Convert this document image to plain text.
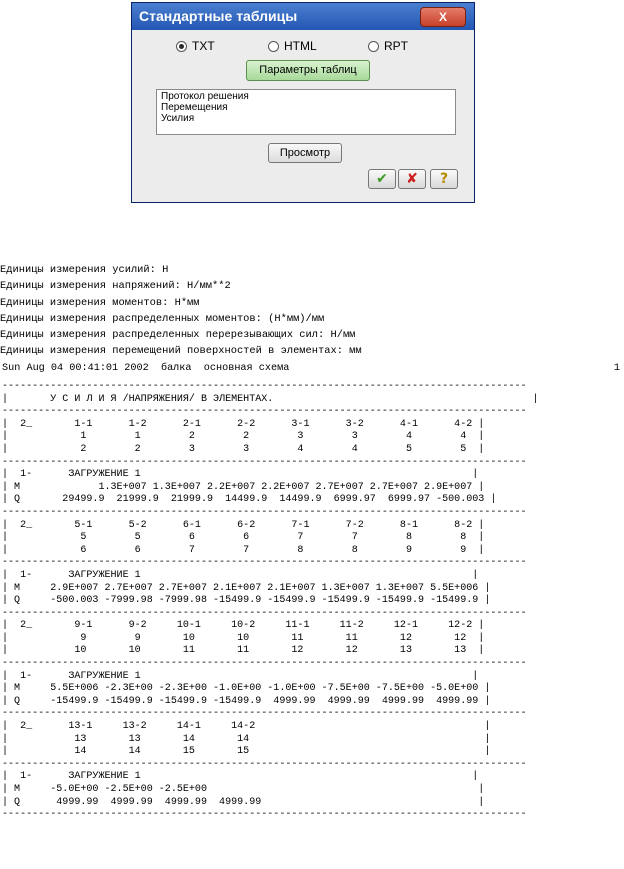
Стандартные таблицы	X
TXT	HTML	RPT
Параметры таблиц
Протокол решения
Перемещения
Усилия
Просмотр
✔	✘	?
Единицы измерения усилий: Н
Единицы измерения напряжений: Н/мм**2
Единицы измерения моментов: Н*мм
Единицы измерения распределенных моментов: (Н*мм)/мм
Единицы измерения распределенных перерезывающих сил: Н/мм
Единицы измерения перемещений поверхностей в элементах: мм
Sun Aug 04 00:41:01 2002  балка  основная схема	1
---------------------------------------------------------------------------------------
|       У С И Л И Я /НАПРЯЖЕНИЯ/ В ЭЛЕМЕНТАХ.                                           |
---------------------------------------------------------------------------------------
|  2_       1-1      1-2      2-1      2-2      3-1      3-2      4-1      4-2 |
|            1        1        2        2        3        3        4        4  |
|            2        2        3        3        4        4        5        5  |
---------------------------------------------------------------------------------------
|  1-      ЗАГРУЖЕНИЕ 1                                                       |
| M             1.3E+007 1.3E+007 2.2E+007 2.2E+007 2.7E+007 2.7E+007 2.9E+007 |
| Q       29499.9  21999.9  21999.9  14499.9  14499.9  6999.97  6999.97 -500.003 |
---------------------------------------------------------------------------------------
|  2_       5-1      5-2      6-1      6-2      7-1      7-2      8-1      8-2 |
|            5        5        6        6        7        7        8        8  |
|            6        6        7        7        8        8        9        9  |
---------------------------------------------------------------------------------------
|  1-      ЗАГРУЖЕНИЕ 1                                                       |
| M     2.9E+007 2.7E+007 2.7E+007 2.1E+007 2.1E+007 1.3E+007 1.3E+007 5.5E+006 |
| Q     -500.003 -7999.98 -7999.98 -15499.9 -15499.9 -15499.9 -15499.9 -15499.9 |
---------------------------------------------------------------------------------------
|  2_       9-1      9-2     10-1     10-2     11-1     11-2     12-1     12-2 |
|            9        9       10       10       11       11       12       12  |
|           10       10       11       11       12       12       13       13  |
---------------------------------------------------------------------------------------
|  1-      ЗАГРУЖЕНИЕ 1                                                       |
| M     5.5E+006 -2.3E+00 -2.3E+00 -1.0E+00 -1.0E+00 -7.5E+00 -7.5E+00 -5.0E+00 |
| Q     -15499.9 -15499.9 -15499.9 -15499.9  4999.99  4999.99  4999.99  4999.99 |
---------------------------------------------------------------------------------------
|  2_      13-1     13-2     14-1     14-2                                      |
|           13       13       14       14                                       |
|           14       14       15       15                                       |
---------------------------------------------------------------------------------------
|  1-      ЗАГРУЖЕНИЕ 1                                                       |
| M     -5.0E+00 -2.5E+00 -2.5E+00                                             |
| Q      4999.99  4999.99  4999.99  4999.99                                    |
---------------------------------------------------------------------------------------
